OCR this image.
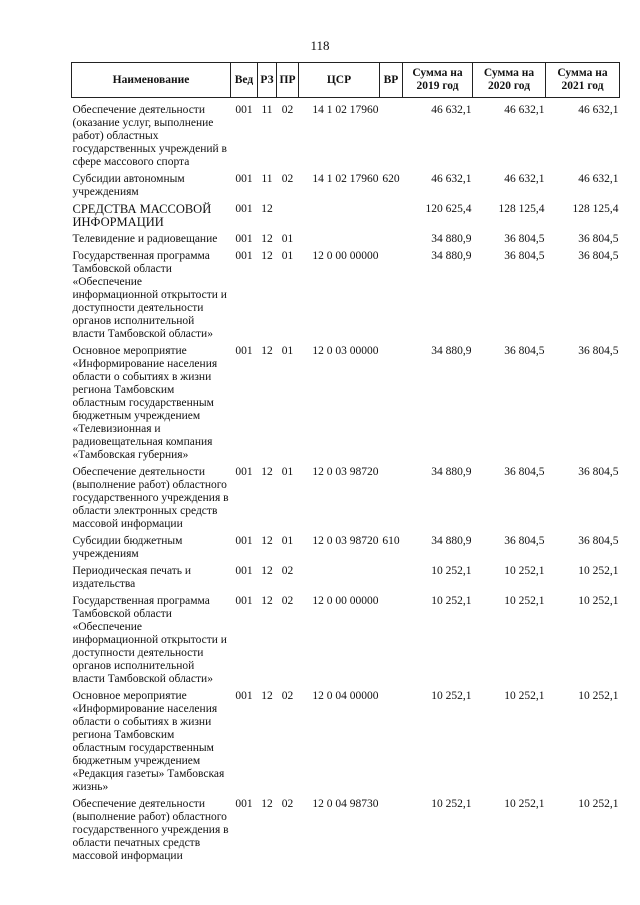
118
Наименование	Вед	РЗ	ПР	ЦСР	ВР	Сумма на 2019 год	Сумма на 2020 год	Сумма на 2021 год
Обеспечение деятельности (оказание услуг, выполнение работ) областных государственных учреждений в сфере массового спорта	001	11	02	14 1 02 17960		46 632,1	46 632,1	46 632,1
Субсидии автономным учреждениям	001	11	02	14 1 02 17960	620	46 632,1	46 632,1	46 632,1
СРЕДСТВА МАССОВОЙ ИНФОРМАЦИИ	001	12				120 625,4	128 125,4	128 125,4
Телевидение и радиовещание	001	12	01			34 880,9	36 804,5	36 804,5
Государственная программа Тамбовской области «Обеспечение информационной открытости и доступности деятельности органов исполнительной власти Тамбовской области»	001	12	01	12 0 00 00000		34 880,9	36 804,5	36 804,5
Основное мероприятие «Информирование населения области о событиях в жизни региона Тамбовским областным государственным бюджетным учреждением «Телевизионная и радиовещательная компания «Тамбовская губерния»	001	12	01	12 0 03 00000		34 880,9	36 804,5	36 804,5
Обеспечение деятельности (выполнение работ) областного государственного учреждения в области электронных средств массовой информации	001	12	01	12 0 03 98720		34 880,9	36 804,5	36 804,5
Субсидии бюджетным учреждениям	001	12	01	12 0 03 98720	610	34 880,9	36 804,5	36 804,5
Периодическая печать и издательства	001	12	02			10 252,1	10 252,1	10 252,1
Государственная программа Тамбовской области «Обеспечение информационной открытости и доступности деятельности органов исполнительной власти Тамбовской области»	001	12	02	12 0 00 00000		10 252,1	10 252,1	10 252,1
Основное мероприятие «Информирование населения области о событиях в жизни региона Тамбовским областным государственным бюджетным учреждением «Редакция газеты» Тамбовская жизнь»	001	12	02	12 0 04 00000		10 252,1	10 252,1	10 252,1
Обеспечение деятельности (выполнение работ) областного государственного учреждения в области печатных средств массовой информации	001	12	02	12 0 04 98730		10 252,1	10 252,1	10 252,1
